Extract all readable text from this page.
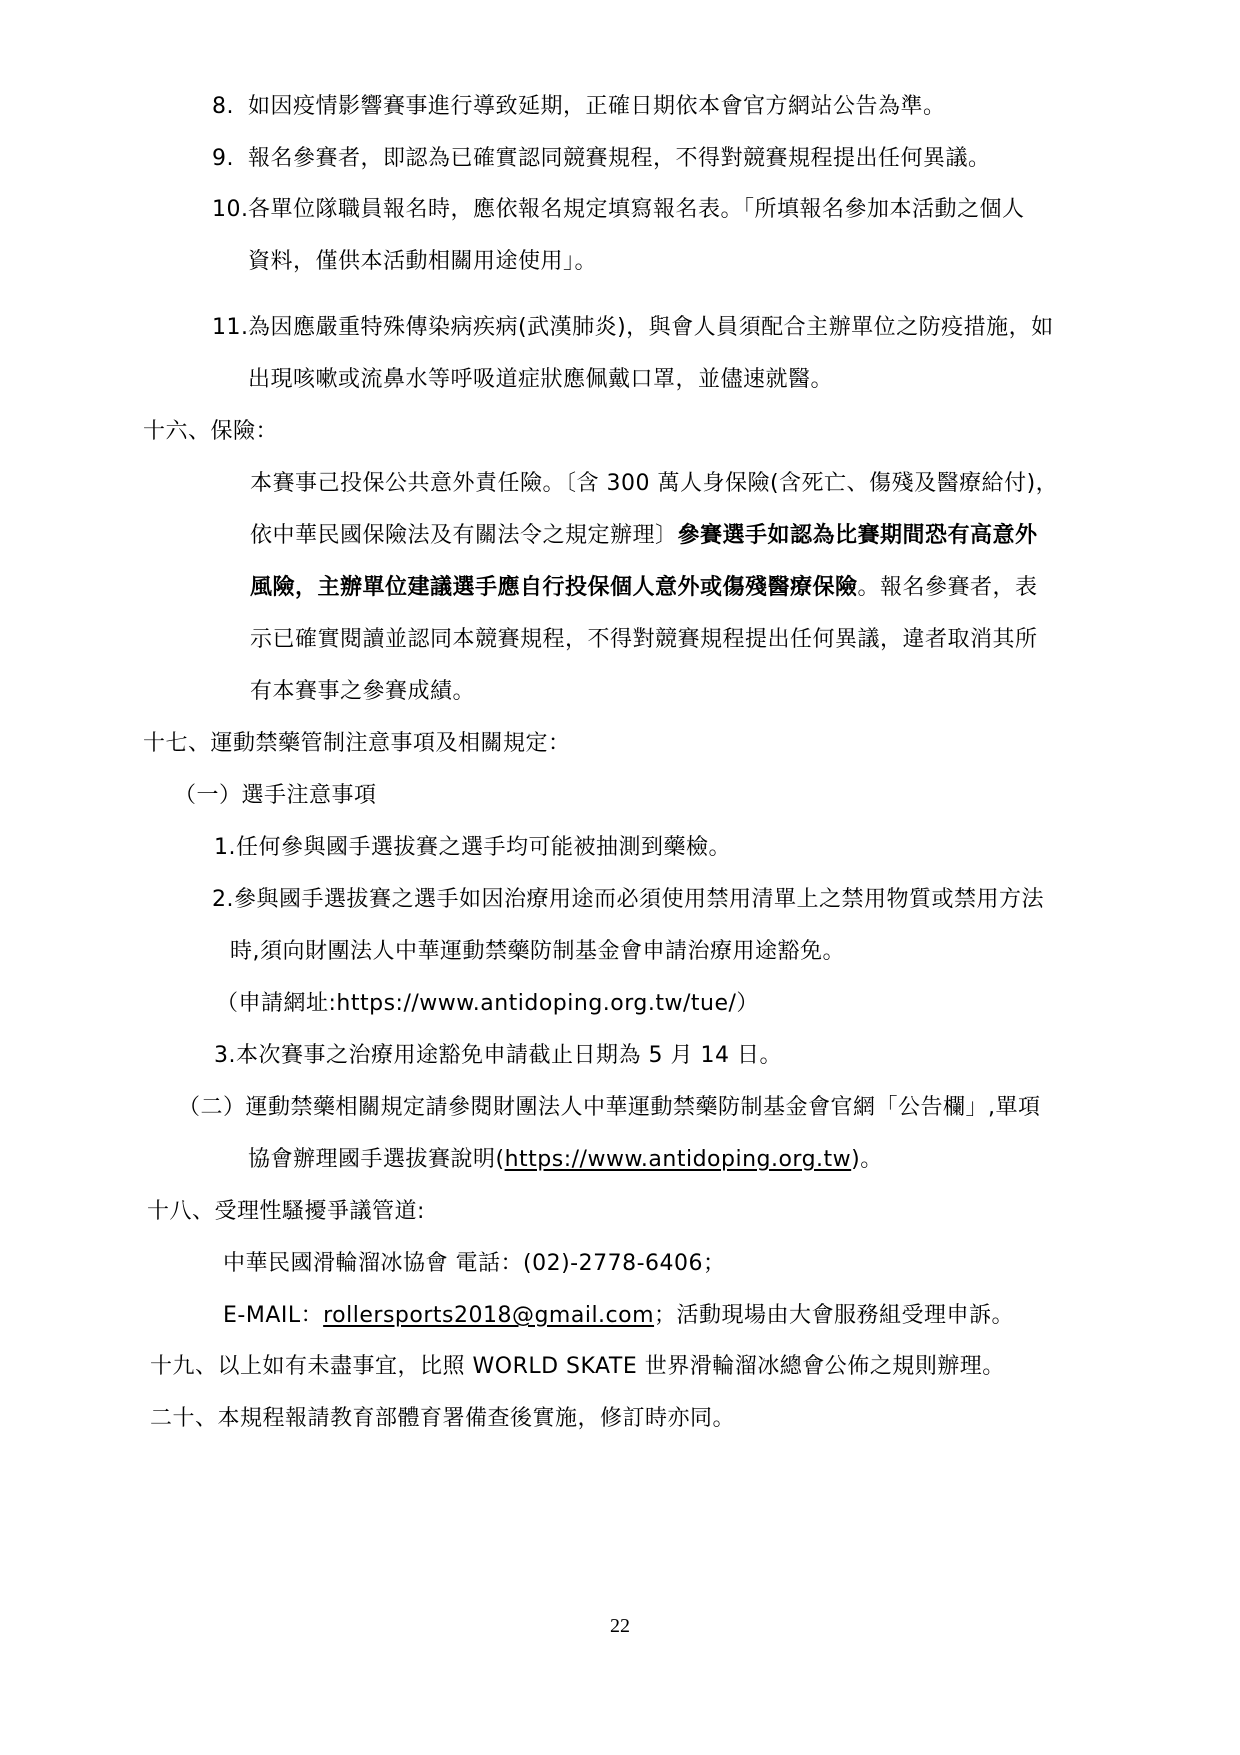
8. 如因疫情影響賽事進行導致延期，正確日期依本會官方網站公告為準。
9. 報名參賽者，即認為已確實認同競賽規程，不得對競賽規程提出任何異議。
10.各單位隊職員報名時，應依報名規定填寫報名表。「所填報名參加本活動之個人
資料，僅供本活動相關用途使用」。
11.為因應嚴重特殊傳染病疾病(武漢肺炎)，與會人員須配合主辦單位之防疫措施，如
出現咳嗽或流鼻水等呼吸道症狀應佩戴口罩，並儘速就醫。
十六、保險：
本賽事己投保公共意外責任險。〔含 300 萬人身保險(含死亡、傷殘及醫療給付)，
依中華民國保險法及有關法令之規定辦理〕參賽選手如認為比賽期間恐有高意外
風險，主辦單位建議選手應自行投保個人意外或傷殘醫療保險。報名參賽者，表
示已確實閱讀並認同本競賽規程，不得對競賽規程提出任何異議，違者取消其所
有本賽事之參賽成績。
十七、運動禁藥管制注意事項及相關規定：
（一）選手注意事項
1.任何參與國手選拔賽之選手均可能被抽測到藥檢。
2.參與國手選拔賽之選手如因治療用途而必須使用禁用清單上之禁用物質或禁用方法
時,須向財團法人中華運動禁藥防制基金會申請治療用途豁免。
（申請網址:https://www.antidoping.org.tw/tue/）
3.本次賽事之治療用途豁免申請截止日期為 5 月 14 日。
（二）運動禁藥相關規定請參閱財團法人中華運動禁藥防制基金會官網「公告欄」,單項
協會辦理國手選拔賽說明(https://www.antidoping.org.tw)。
十八、受理性騷擾爭議管道:
中華民國滑輪溜冰協會 電話：(02)-2778-6406；
E-MAIL：rollersports2018@gmail.com；活動現場由大會服務組受理申訴。
十九、以上如有未盡事宜，比照 WORLD SKATE 世界滑輪溜冰總會公佈之規則辦理。
二十、本規程報請教育部體育署備查後實施，修訂時亦同。
22
